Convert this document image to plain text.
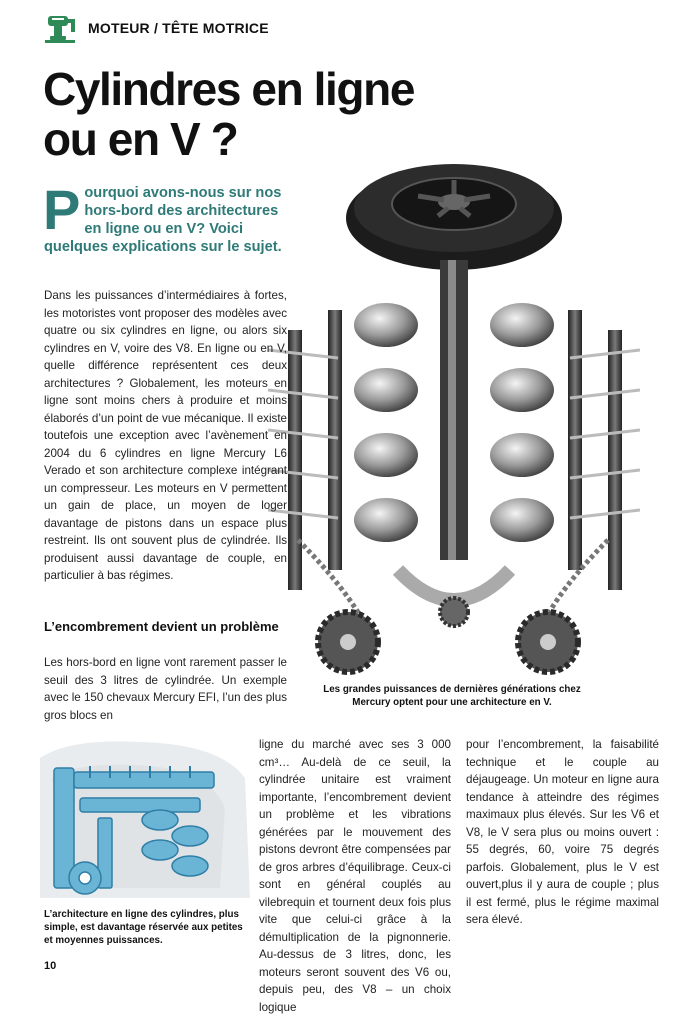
MOTEUR / TÊTE MOTRICE
Cylindres en ligne ou en V ?
Pourquoi avons-nous sur nos hors-bord des architectures en ligne ou en V? Voici quelques explications sur le sujet.
Les grandes puissances de dernières générations chez Mercury optent pour une architecture en V.
Dans les puissances d’intermédiaires à fortes, les motoristes vont proposer des modèles avec quatre ou six cylindres en ligne, ou alors six cylindres en V, voire des V8. En ligne ou en V, quelle différence représentent ces deux architectures ? Globalement, les moteurs en ligne sont moins chers à produire et moins élaborés d’un point de vue mécanique. Il existe toutefois une exception avec l’avènement en 2004 du 6 cylindres en ligne Mercury L6 Verado et son architecture complexe intégrant un compresseur. Les moteurs en V permettent un gain de place, un moyen de loger davantage de pistons dans un espace plus restreint. Ils ont souvent plus de cylindrée. Ils produisent aussi davantage de couple, en particulier à bas régimes.
L’encombrement devient un problème
Les hors-bord en ligne vont rarement passer le seuil des 3 litres de cylindrée. Un exemple avec le 150 chevaux Mercury EFI, l’un des plus gros blocs en
L’architecture en ligne des cylindres, plus simple, est davantage réservée aux petites et moyennes puissances.
ligne du marché avec ses 3 000 cm³… Au-delà de ce seuil, la cylindrée unitaire est vraiment importante, l’encombrement devient un problème et les vibrations générées par le mouvement des pistons devront être compensées par de gros arbres d’équilibrage. Ceux-ci sont en général couplés au vilebrequin et tournent deux fois plus vite que celui-ci grâce à la démultiplication de la pignonnerie. Au-dessus de 3 litres, donc, les moteurs seront souvent des V6 ou, depuis peu, des V8 – un choix logique
pour l’encombrement, la faisabilité technique et le couple au déjaugeage. Un moteur en ligne aura tendance à atteindre des régimes maximaux plus élevés. Sur les V6 et V8, le V sera plus ou moins ouvert : 55 degrés, 60, voire 75 degrés parfois. Globalement, plus le V est ouvert,plus il y aura de couple ; plus il est fermé, plus le régime maximal sera élevé.
10
